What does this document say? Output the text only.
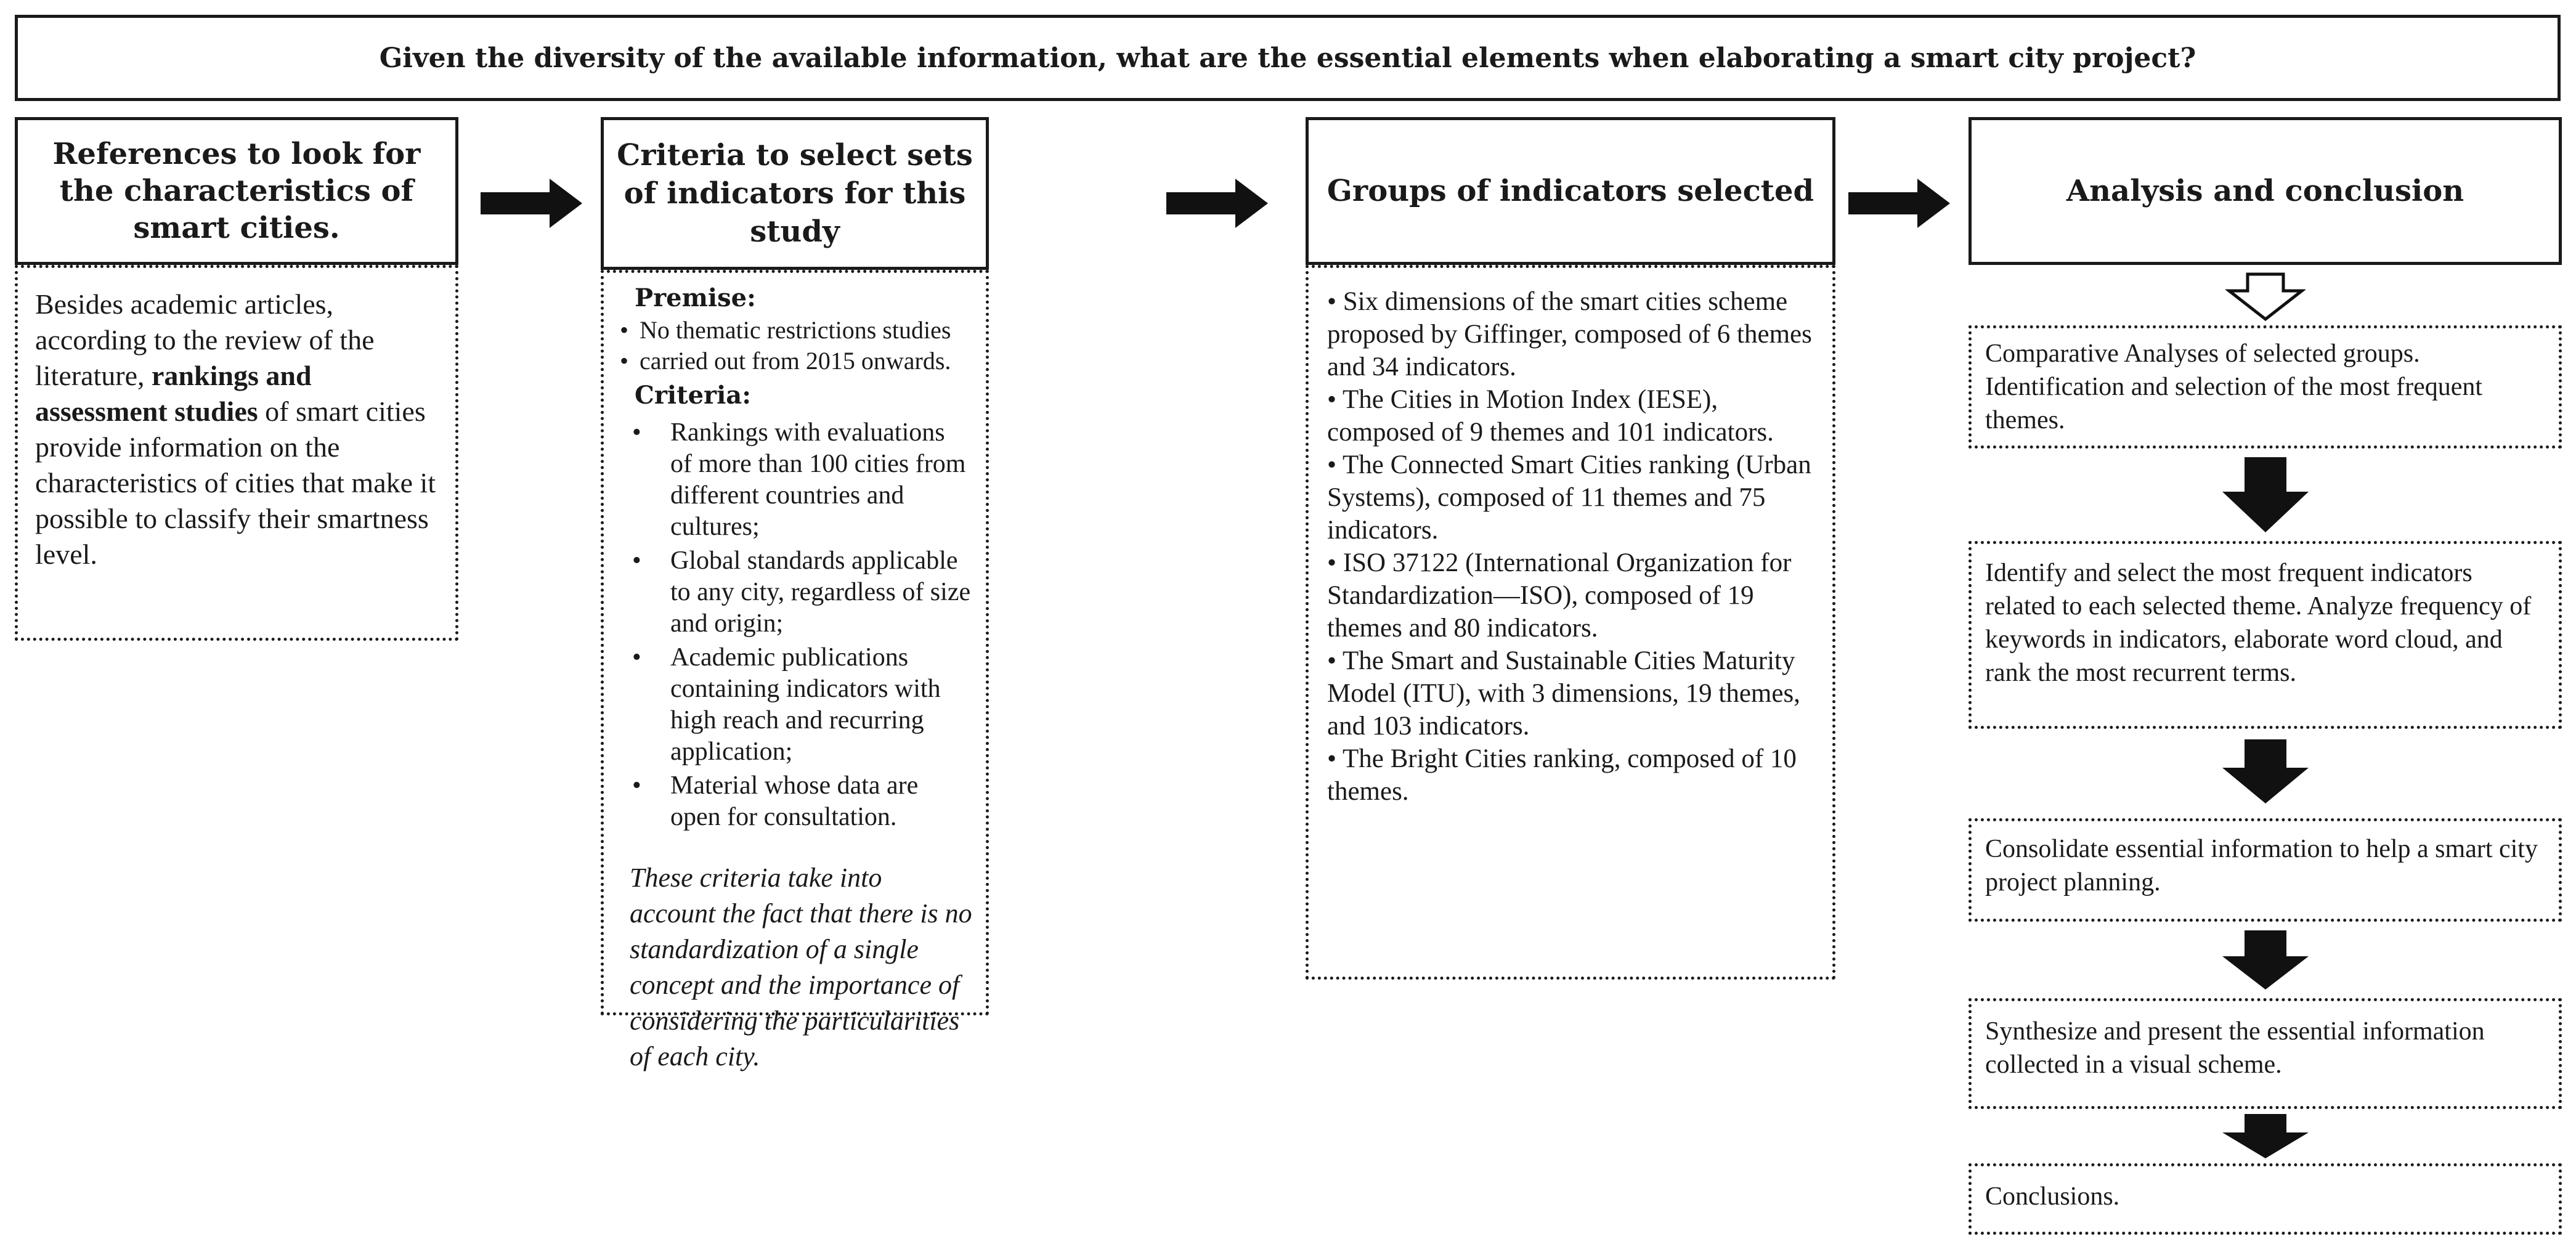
Given the diversity of the available information, what are the essential elements when elaborating a smart city project?
References to look for the characteristics of smart cities.
Besides academic articles, according to the review of the literature, rankings and assessment studies of smart cities provide information on the characteristics of cities that make it possible to classify their smartness level.
Criteria to select sets of indicators for this study
Premise:
• No thematic restrictions studies
• carried out from 2015 onwards.
Criteria:
• Rankings with evaluations of more than 100 cities from different countries and cultures;
• Global standards applicable to any city, regardless of size and origin;
• Academic publications containing indicators with high reach and recurring application;
• Material whose data are open for consultation.
These criteria take into account the fact that there is no standardization of a single concept and the importance of considering the particularities of each city.
Groups of indicators selected

• Six dimensions of the smart cities scheme proposed by Giffinger, composed of 6 themes and 34 indicators.

• The Cities in Motion Index (IESE), composed of 9 themes and 101 indicators.

• The Connected Smart Cities ranking (Urban Systems), composed of 11 themes and 75 indicators.

• ISO 37122 (International Organization for Standardization—ISO), composed of 19 themes and 80 indicators.

• The Smart and Sustainable Cities Maturity Model (ITU), with 3 dimensions, 19 themes, and 103 indicators.

• The Bright Cities ranking, composed of 10 themes.

Analysis and conclusion
Comparative Analyses of selected groups. Identification and selection of the most frequent themes.
Identify and select the most frequent indicators related to each selected theme. Analyze frequency of keywords in indicators, elaborate word cloud, and rank the most recurrent terms.
Consolidate essential information to help a smart city project planning.
Synthesize and present the essential information collected in a visual scheme.
Conclusions.
